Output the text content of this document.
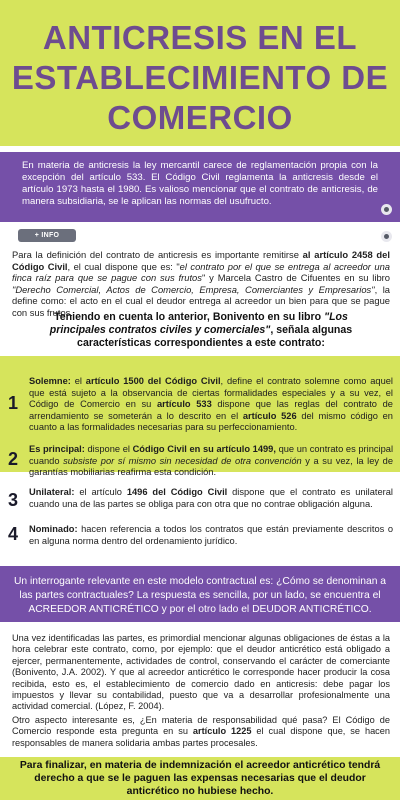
ANTICRESIS EN EL ESTABLECIMIENTO DE COMERCIO

En materia de anticresis la ley mercantil carece de reglamentación propia con la excepción del artículo 533. El Código Civil reglamenta la anticresis desde el artículo 1973 hasta el 1980. Es valioso mencionar que el contrato de anticresis, de manera subsidiaria, se le aplican las normas del usufructo.

+ INFO

Para la definición del contrato de anticresis es importante remitirse al artículo 2458 del Código Civil, el cual dispone que es: "el contrato por el que se entrega al acreedor una finca raíz para que se pague con sus frutos" y Marcela Castro de Cifuentes en su libro "Derecho Comercial, Actos de Comercio, Empresa, Comerciantes y Empresarios", la define como: el acto en el cual el deudor entrega al acreedor un bien para que se pague con sus frutos.

Teniendo en cuenta lo anterior, Bonivento en su libro "Los principales contratos civiles y comerciales", señala algunas características correspondientes a este contrato:

1

Solemne: el artículo 1500 del Código Civil, define el contrato solemne como aquel que está sujeto a la observancia de ciertas formalidades especiales y a su vez, el Código de Comercio en su artículo 533 dispone que las reglas del contrato de arrendamiento se someterán a lo descrito en el artículo 526 del mismo código en cuanto a las formalidades necesarias para su perfeccionamiento.

2 Es principal: dispone el Código Civil en su artículo 1499, que un contrato es principal cuando subsiste por sí mismo sin necesidad de otra convención y a su vez, la ley de garantías mobiliarias reafirma esta condición.

3 Unilateral: el artículo 1496 del Código Civil dispone que el contrato es unilateral cuando una de las partes se obliga para con otra que no contrae obligación alguna.

4 Nominado: hacen referencia a todos los contratos que están previamente descritos o en alguna norma dentro del ordenamiento jurídico.

Un interrogante relevante en este modelo contractual es: ¿Cómo se denominan a las partes contractuales? La respuesta es sencilla, por un lado, se encuentra el ACREEDOR ANTICRÉTICO y por el otro lado el DEUDOR ANTICRÉTICO.

Una vez identificadas las partes, es primordial mencionar algunas obligaciones de éstas a la hora celebrar este contrato, como, por ejemplo: que el deudor anticrético está obligado a ejercer, permanentemente, actividades de control, conservando el carácter de comerciante (Bonivento, J.A. 2002). Y que al acreedor anticrético le corresponde hacer producir la cosa recibida, esto es, el establecimiento de comercio dado en anticresis: debe pagar los impuestos y llevar su contabilidad, puesto que va a desarrollar profesionalmente una actividad comercial. (López, F. 2004).

Otro aspecto interesante es, ¿En materia de responsabilidad qué pasa? El Código de Comercio responde esta pregunta en su artículo 1225 el cual dispone que, se hacen responsables de manera solidaria ambas partes procesales.

Para finalizar, en materia de indemnización el acreedor anticrético tendrá derecho a que se le paguen las expensas necesarias que el deudor anticrético no hubiese hecho.
